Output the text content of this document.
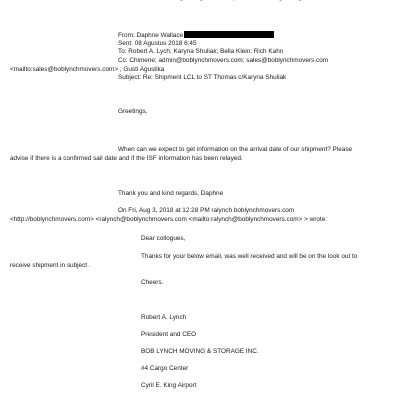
From: Daphne Wallace
Sent: 08 Agustus 2018 6:45
To: Robert A. Lych; Karyna Shuliak; Bella Klein; Rich Kahn
Cc: Chimene; admin@boblynchmovers.com; sales@boblynchmovers.com
<mailto:sales@boblynchmovers.com> ; Gusti Agustika
Subject: Re: Shipment LCL to ST Thomas c/Karyna Shuliak
Greetings,
When can we expect to get information on the arrival date of our shipment? Please
advise if there is a confirmed sail date and if the ISF information has been relayed.
Thank you and kind regards, Daphne
On Fri, Aug 3, 2018 at 12:28 PM ralynch boblynchmovers.com
<http://boblynchmovers.com> <ralynch@boblynchmovers.com <mailto:ralynch@boblynchmovers.com> > wrote:
Dear collogues,
Thanks for your below email, was well received and will be on the look out to
receive shipment in subject .
Cheers.
Robert A. Lynch
President and CEO
BOB LYNCH MOVING & STORAGE INC.
#4 Cargo Center
Cyril E. King Airport
